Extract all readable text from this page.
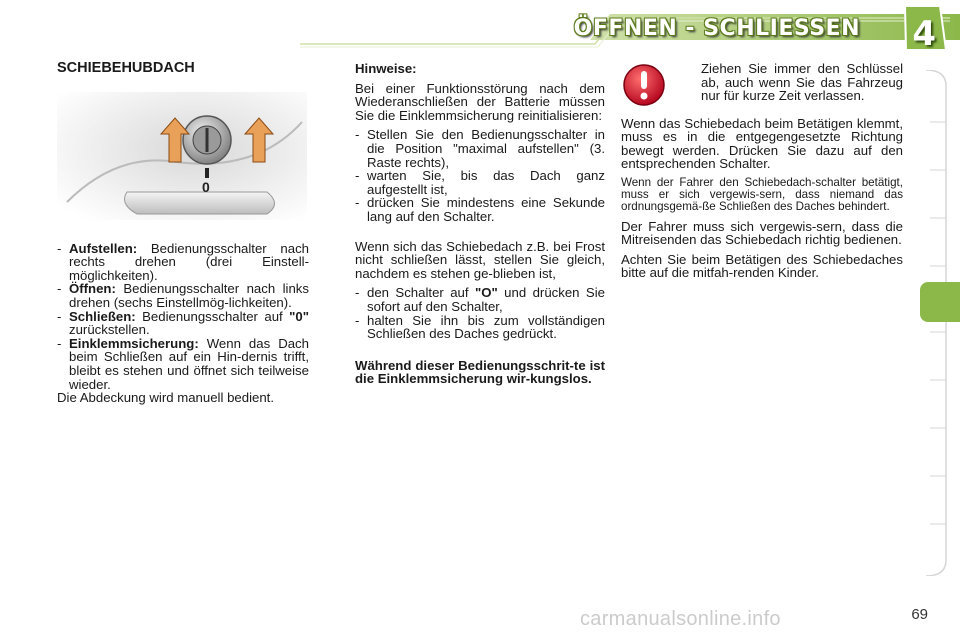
ÖFFNEN - SCHLIESSEN 4
SCHIEBEHUBDACH
0
- Aufstellen: Bedienungsschalter nach rechts drehen (drei Einstell-möglichkeiten).
- Öffnen: Bedienungsschalter nach links drehen (sechs Einstellmög-lichkeiten).
- Schließen: Bedienungsschalter auf "0" zurückstellen.
- Einklemmsicherung: Wenn das Dach beim Schließen auf ein Hin-dernis trifft, bleibt es stehen und öffnet sich teilweise wieder.

Die Abdeckung wird manuell bedient.

Hinweise:

Bei einer Funktionsstörung nach dem Wiederanschließen der Batterie müssen Sie die Einklemmsicherung reinitialisieren:

- Stellen Sie den Bedienungsschalter in die Position "maximal aufstellen" (3. Raste rechts),
- warten Sie, bis das Dach ganz aufgestellt ist,
- drücken Sie mindestens eine Sekunde lang auf den Schalter.

Wenn sich das Schiebedach z.B. bei Frost nicht schließen lässt, stellen Sie gleich, nachdem es stehen ge-blieben ist,

- den Schalter auf "O" und drücken Sie sofort auf den Schalter,
- halten Sie ihn bis zum vollständigen Schließen des Daches gedrückt.

Während dieser Bedienungsschrit-te ist die Einklemmsicherung wir-kungslos.

Ziehen Sie immer den Schlüssel ab, auch wenn Sie das Fahrzeug nur für kurze Zeit verlassen.

Wenn das Schiebedach beim Betätigen klemmt, muss es in die entgegengesetzte Richtung bewegt werden. Drücken Sie dazu auf den entsprechenden Schalter.

Wenn der Fahrer den Schiebedach-schalter betätigt, muss er sich vergewis-sern, dass niemand das ordnungsgemä-ße Schließen des Daches behindert.

Der Fahrer muss sich vergewis-sern, dass die Mitreisenden das Schiebedach richtig bedienen.

Achten Sie beim Betätigen des Schiebedaches bitte auf die mitfah-renden Kinder.

carmanualsonline.info	69
